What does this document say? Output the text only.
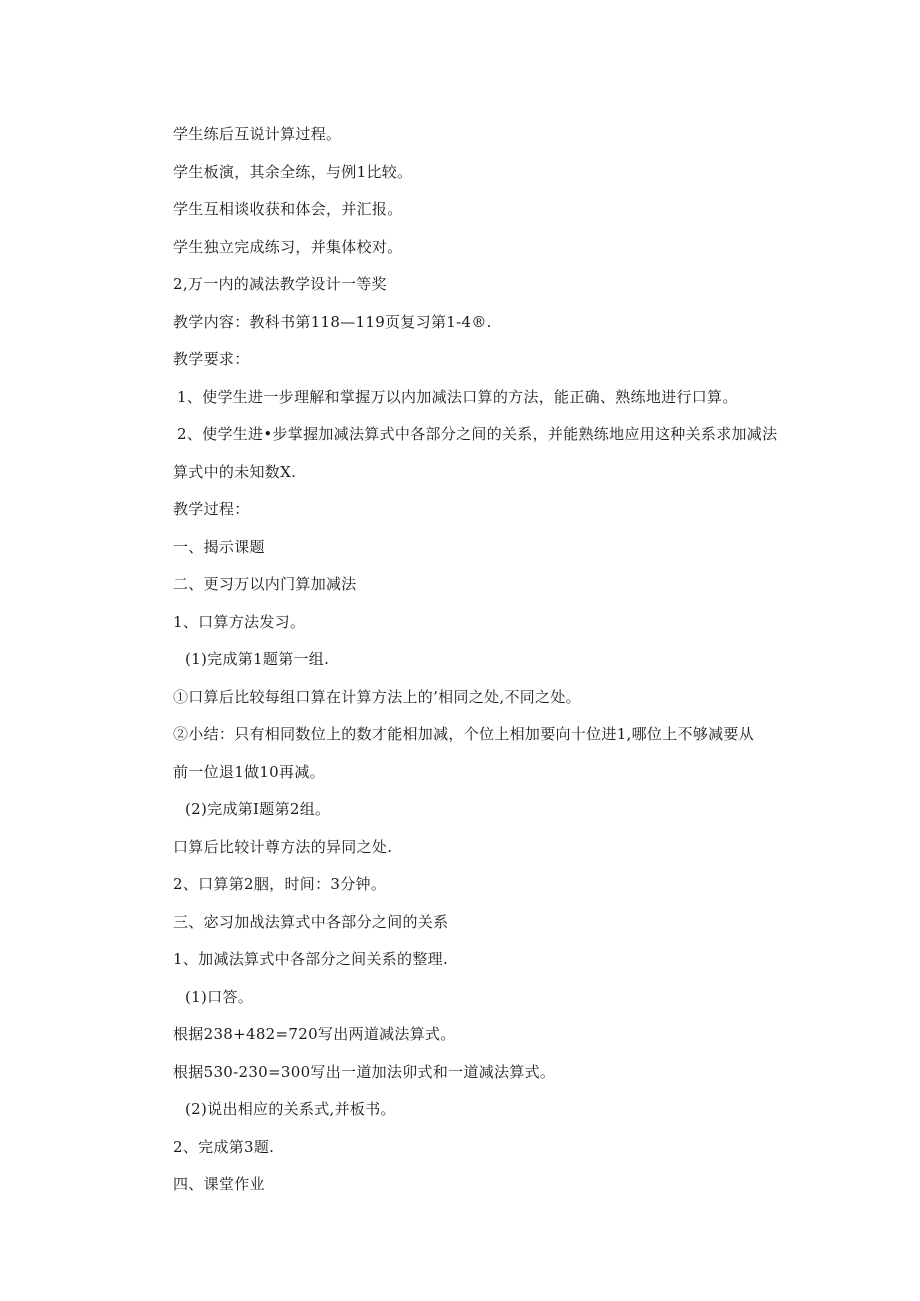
学生练后互说计算过程。
学生板演，其余全练，与例1比较。
学生互相谈收获和体会，并汇报。
学生独立完成练习，并集体校对。
2,万一内的减法教学设计一等奖
教学内容：教科书第118—119页复习第1-4®.
教学要求：
1、使学生进一步理解和掌握万以内加减法口算的方法，能正确、熟练地进行口算。
2、使学生进•步掌握加减法算式中各部分之间的关系，并能熟练地应用这种关系求加减法
算式中的未知数X.
教学过程：
一、揭示课题
二、更习万以内门算加减法
1、口算方法发习。
(1)完成第1题第一组.
①口算后比较每组口算在计算方法上的’相同之处,不同之处。
②小结：只有相同数位上的数才能相加减，个位上相加要向十位进1,哪位上不够减要从
前一位退1做10再减。
(2)完成第I题第2组。
口算后比较计尊方法的异同之处.
2、口算第2胭，时间：3分钟。
三、宓习加战法算式中各部分之间的关系
1、加减法算式中各部分之间关系的整理.
(1)口答。
根据238+482=720写出两道减法算式。
根据530-230=300写出一道加法卯式和一道减法算式。
(2)说出相应的关系式,并板书。
2、完成第3题.
四、课堂作业
